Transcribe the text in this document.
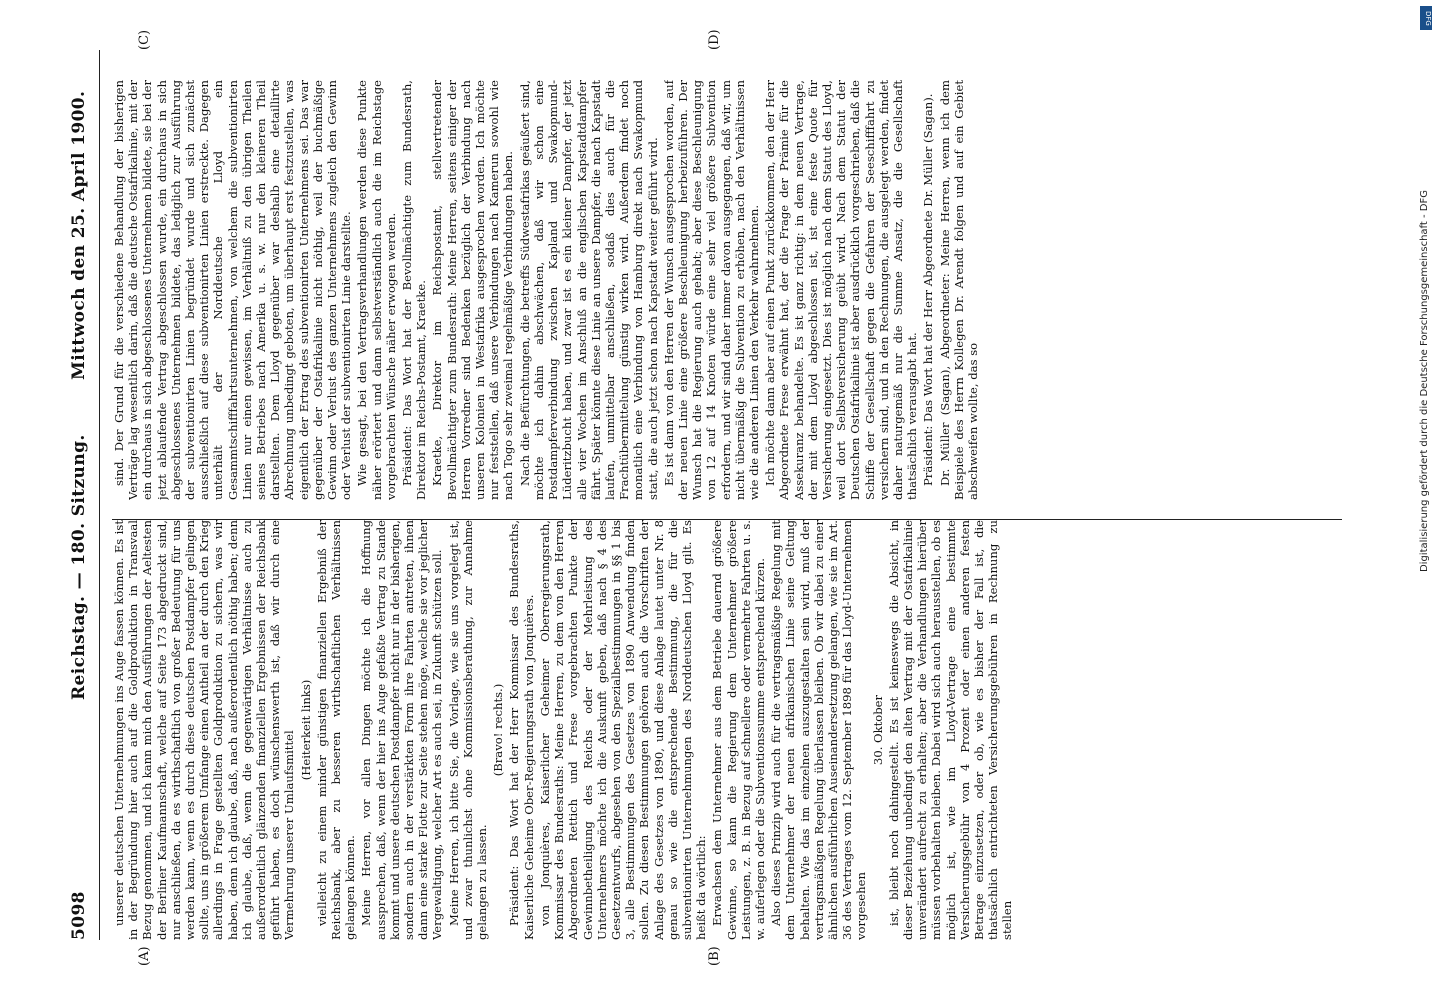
5098
Reichstag. — 180. Sitzung.
Mittwoch den 25. April 1900.
(A)	(B)
(C)	(D)

unserer deutschen Unternehmungen ins Auge fassen können. Es ist in der Begründung hier auch auf die Goldproduktion in Transvaal Bezug genommen, und ich kann mich den Ausführungen der Aeltesten der Berliner Kaufmannschaft, welche auf Seite 173 abgedruckt sind, nur anschließen, da es wirthschaftlich von großer Bedeutung für uns werden kann, wenn es durch diese deutschen Postdampfer gelingen sollte, uns in größerem Umfange einen Antheil an der durch den Krieg allerdings in Frage gestellten Goldproduktion zu sichern, was wir haben, denn ich glaube, daß, nach außerordentlich nöthig haben; denn ich glaube, daß, wenn die gegenwärtigen Verhältnisse auch zu außerordentlich glänzenden finanziellen Ergebnissen der Reichsbank geführt haben, es doch wünschenswerth ist, daß wir durch eine Vermehrung unserer Umlaufsmittel

(Heiterkeit links) vielleicht zu einem minder günstigen finanziellen Ergebniß der Reichsbank, aber zu besseren wirthschaftlichen Verhältnissen gelangen können. Meine Herren, vor allen Dingen möchte ich die Hoffnung aussprechen, daß, wenn der hier ins Auge gefaßte Vertrag zu Stande kommt und unsere deutschen Postdampfer nicht nur in der bisherigen, sondern auch in der verstärkten Form ihre Fahrten antreten, ihnen dann eine starke Flotte zur Seite stehen möge, welche sie vor jeglicher Vergewaltigung, welcher Art es auch sei, in Zukunft schützen soll. Meine Herren, ich bitte Sie, die Vorlage, wie sie uns vorgelegt ist, und zwar thunlichst ohne Kommissionsberathung, zur Annahme gelangen zu lassen.

(Bravo! rechts.) Präsident: Das Wort hat der Herr Kommissar des Bundesraths, Kaiserliche Geheime Ober-Regierungsrath von Jonquières. von Jonquières, Kaiserlicher Geheimer Oberregierungsrath, Kommissar des Bundesraths: Meine Herren, zu dem von den Herren Abgeordneten Rettich und Frese vorgebrachten Punkte der Gewinnbetheiligung des Reichs oder der Mehrleistung des Unternehmers möchte ich die Auskunft geben, daß nach § 4 des Gesetzentwurfs, abgesehen von den Spezialbestimmungen in §§ 1 bis 3, alle Bestimmungen des Gesetzes von 1890 Anwendung finden sollen. Zu diesen Bestimmungen gehören auch die Vorschriften der Anlage des Gesetzes von 1890, und diese Anlage lautet unter Nr. 8 genau so wie die entsprechende Bestimmung, die für die subventionirten Unternehmungen des Norddeutschen Lloyd gilt. Es heißt da wörtlich: Erwachsen dem Unternehmer aus dem Betriebe dauernd größere Gewinne, so kann die Regierung dem Unternehmer größere Leistungen, z. B. in Bezug auf schnellere oder vermehrte Fahrten u. s. w. auferlegen oder die Subventionssumme entsprechend kürzen. Also dieses Prinzip wird auch für die vertragsmäßige Regelung mit dem Unternehmer der neuen afrikanischen Linie seine Geltung behalten. Wie das im einzelnen auszugestalten sein wird, muß der vertragsmäßigen Regelung überlassen bleiben. Ob wir dabei zu einer ähnlichen ausführlichen Auseinandersetzung gelangen, wie sie im Art. 36 des Vertrages vom 12. September 1898 für das Lloyd-Unternehmen vorgesehen

30. Oktober ist, bleibt noch dahingestellt. Es ist keineswegs die Absicht, in dieser Beziehung unbedingt den alten Vertrag mit der Ostafrikalinie unverändert aufrecht zu erhalten; aber die Verhandlungen hierüber müssen vorbehalten bleiben. Dabei wird sich auch herausstellen, ob es möglich ist, wie im Lloyd-Vertrage eine bestimmte Versicherungsgebühr von 4 Prozent oder einen anderen festen Betrage einzusetzen, oder ob, wie es bisher der Fall ist, die thatsächlich entrichteten Versicherungsgebühren in Rechnung zu stellen

sind. Der Grund für die verschiedene Behandlung der bisherigen Verträge lag wesentlich darin, daß die deutsche Ostafrikalinie, mit der ein durchaus in sich abgeschlossenes Unternehmen bildete, sie bei der jetzt ablaufende Vertrag abgeschlossen wurde, ein durchaus in sich abgeschlossenes Unternehmen bildete, das lediglich zur Ausführung der subventionirten Linien begründet wurde und sich zunächst ausschließlich auf diese subventionirten Linien erstreckte. Dagegen unterhält der Norddeutsche Lloyd ein Gesammtschifffahrtsunternehmen, von welchem die subventionirten Linien nur einen gewissen, im Verhältniß zu den übrigen Theilen seines Betriebes nach Amerika u. s. w. nur den kleineren Theil darstellten. Dem Lloyd gegenüber war deshalb eine detaillirte Abrechnung unbedingt geboten, um überhaupt erst festzustellen, was eigentlich der Ertrag des subventionirten Unternehmens sei. Das war gegenüber der Ostafrikalinie nicht nöthig, weil der buchmäßige Gewinn oder Verlust des ganzen Unternehmens zugleich den Gewinn oder Verlust der subventionirten Linie darstellte. Wie gesagt, bei den Vertragsverhandlungen werden diese Punkte näher erörtert und dann selbstverständlich auch die im Reichstage vorgebrachten Wünsche näher erwogen werden. Präsident: Das Wort hat der Bevollmächtigte zum Bundesrath, Direktor im Reichs-Postamt, Kraetke. Kraetke, Direktor im Reichspostamt, stellvertretender Bevollmächtigter zum Bundesrath: Meine Herren, seitens einiger der Herren Vorredner sind Bedenken bezüglich der Verbindung nach unseren Kolonien in Westafrika ausgesprochen worden. Ich möchte nur feststellen, daß unsere Verbindungen nach Kamerun sowohl wie nach Togo sehr zweimal regelmäßige Verbindungen haben. Nach die Befürchtungen, die betreffs Südwestafrikas geäußert sind, möchte ich dahin abschwächen, daß wir schon eine Postdampferverbindung zwischen Kapland und Swakopmund-Lüderitzbucht haben, und zwar ist es ein kleiner Dampfer, der jetzt alle vier Wochen im Anschluß an die englischen Kapstadtdampfer fährt. Später könnte diese Linie an unsere Dampfer, die nach Kapstadt laufen, unmittelbar anschließen, sodaß dies auch für die Frachtübermittelung günstig wirken wird. Außerdem findet noch monatlich eine Verbindung von Hamburg direkt nach Swakopmund statt, die auch jetzt schon nach Kapstadt weiter geführt wird. Es ist dann von den Herren der Wunsch ausgesprochen worden, auf der neuen Linie eine größere Beschleunigung herbeizuführen. Der Wunsch hat die Regierung auch gehabt; aber diese Beschleunigung von 12 auf 14 Knoten würde eine sehr viel größere Subvention erfordern, und wir sind daher immer davon ausgegangen, daß wir, um nicht übermäßig die Subvention zu erhöhen, nach den Verhältnissen wie die anderen Linien den Verkehr wahrnehmen. Ich möchte dann aber auf einen Punkt zurückkommen, den der Herr Abgeordnete Frese erwähnt hat, der die Frage der Prämie für die Assekuranz behandelte. Es ist ganz richtig: in dem neuen Vertrage, der mit dem Lloyd abgeschlossen ist, ist eine feste Quote für Versicherung eingesetzt. Dies ist möglich nach dem Statut des Lloyd, weil dort Selbstversicherung geübt wird. Nach dem Statut der Deutschen Ostafrikalinie ist aber ausdrücklich vorgeschrieben, daß die Schiffe der Gesellschaft gegen die Gefahren der Seeschifffahrt zu versichern sind, und in den Rechnungen, die ausgelegt werden, findet daher naturgemäß nur die Summe Ansatz, die die Gesellschaft thatsächlich verausgabt hat. Präsident: Das Wort hat der Herr Abgeordnete Dr. Müller (Sagan). Dr. Müller (Sagan), Abgeordneter: Meine Herren, wenn ich dem Beispiele des Herrn Kollegen Dr. Arendt folgen und auf ein Gebiet abschweifen wollte, das so	Digitalisierung gefördert durch die Deutsche Forschungsgemeinschaft - DFG
DFG
